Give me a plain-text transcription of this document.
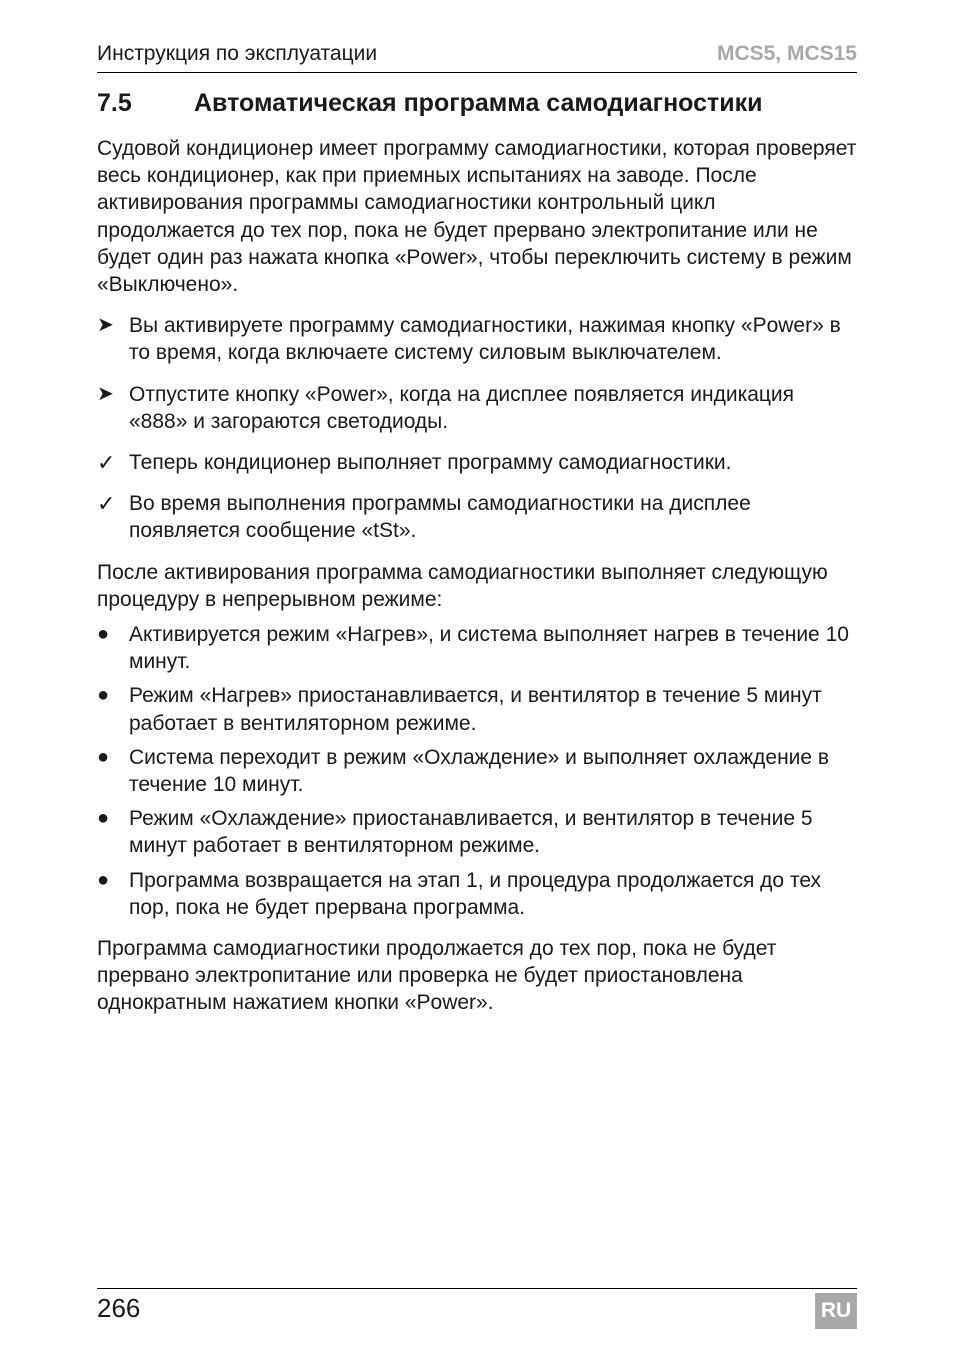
Инструкция по эксплуатации	MCS5, MCS15
7.5 Автоматическая программа самодиагностики

Судовой кондиционер имеет программу самодиагностики, которая проверяет весь кондиционер, как при приемных испытаниях на заводе. После активирования программы самодиагностики контрольный цикл продолжается до тех пор, пока не будет прервано электропитание или не будет один раз нажата кнопка «Power», чтобы переключить систему в режим «Выключено».

➤ Вы активируете программу самодиагностики, нажимая кнопку «Power» в то время, когда включаете систему силовым выключателем.
➤ Отпустите кнопку «Power», когда на дисплее появляется индикация «888» и загораются светодиоды.
✓ Теперь кондиционер выполняет программу самодиагностики.
✓ Во время выполнения программы самодиагностики на дисплее появляется сообщение «tSt».

После активирования программа самодиагностики выполняет следующую процедуру в непрерывном режиме:

● Активируется режим «Нагрев», и система выполняет нагрев в течение 10 минут.
● Режим «Нагрев» приостанавливается, и вентилятор в течение 5 минут работает в вентиляторном режиме.
● Система переходит в режим «Охлаждение» и выполняет охлаждение в течение 10 минут.
● Режим «Охлаждение» приостанавливается, и вентилятор в течение 5 минут работает в вентиляторном режиме.
● Программа возвращается на этап 1, и процедура продолжается до тех пор, пока не будет прервана программа.

Программа самодиагностики продолжается до тех пор, пока не будет прервано электропитание или проверка не будет приостановлена однократным нажатием кнопки «Power».

266	RU
